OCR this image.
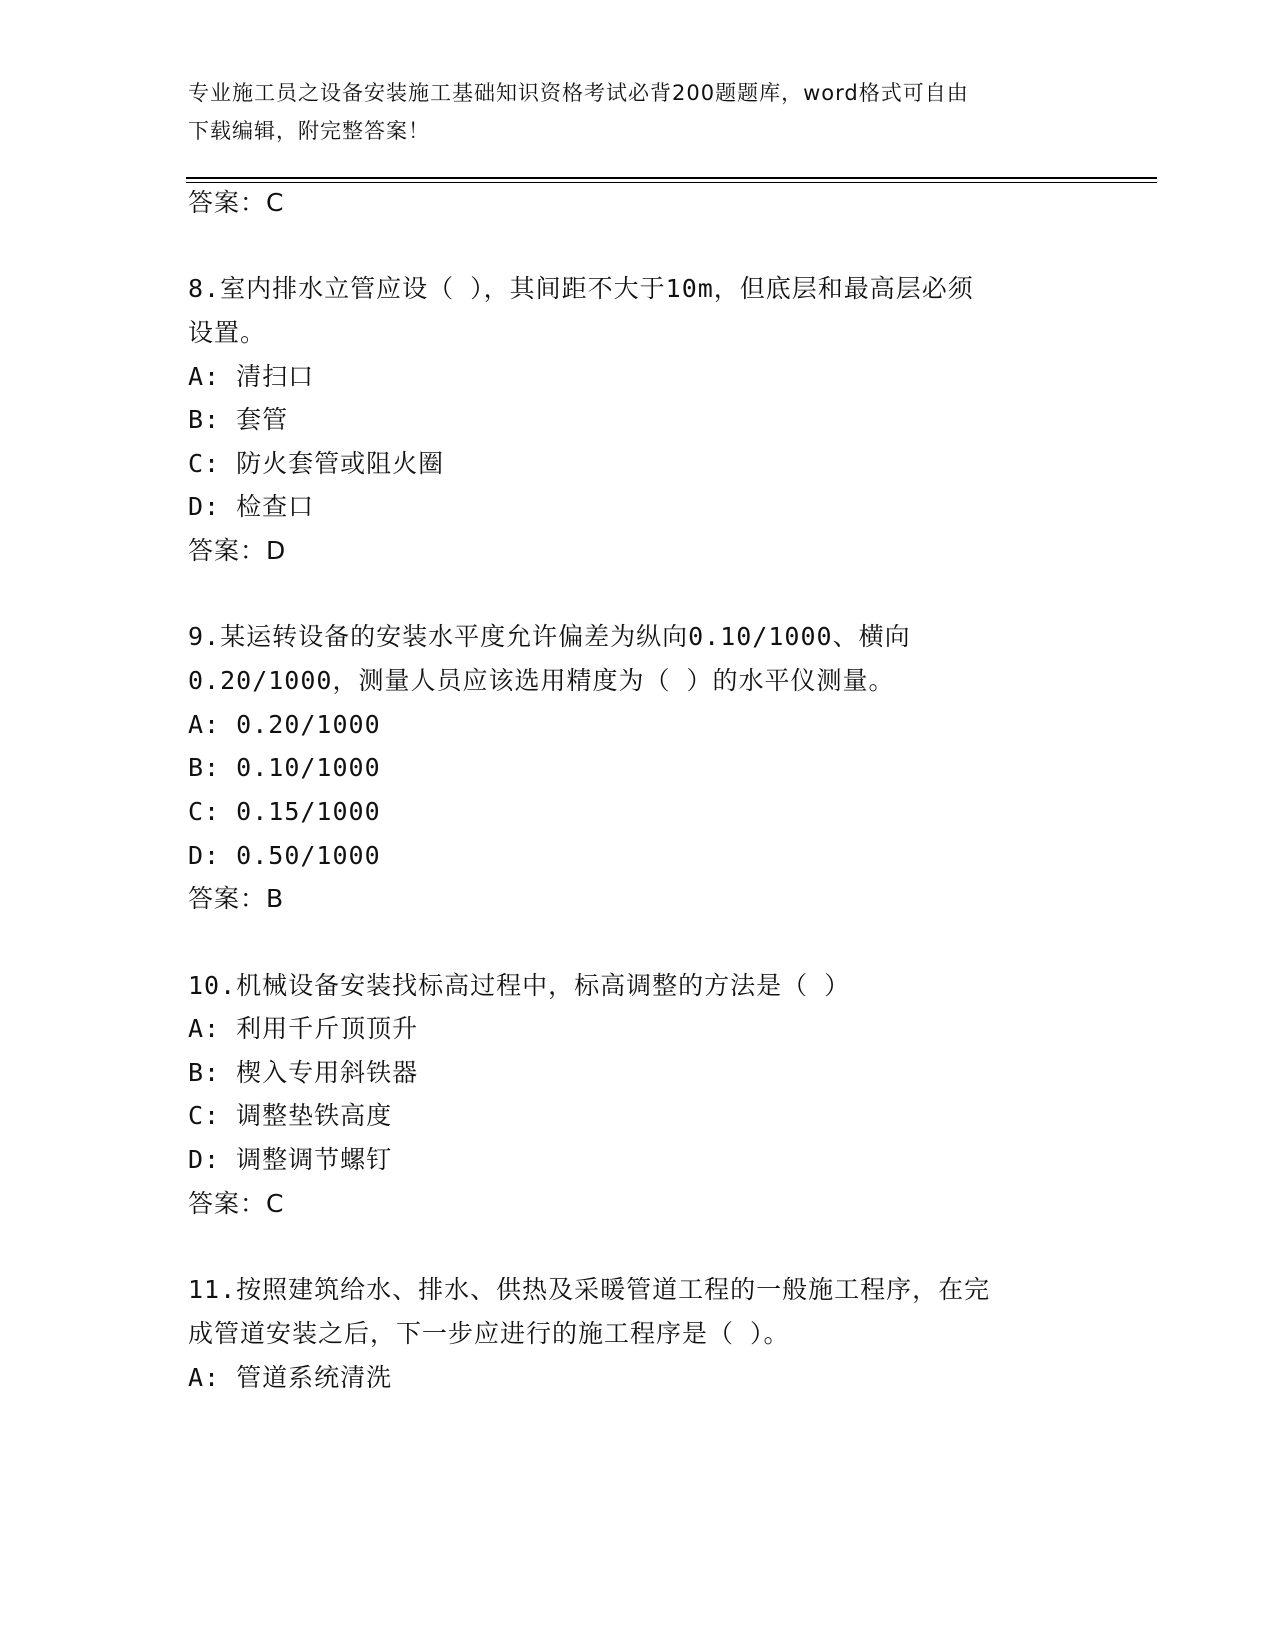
专业施工员之设备安装施工基础知识资格考试必背200题题库，word格式可自由
下载编辑，附完整答案！
答案：C
8.室内排水立管应设（ ），其间距不大于10m，但底层和最高层必须
设置。
A: 清扫口
B: 套管
C: 防火套管或阻火圈
D: 检查口
答案：D
9.某运转设备的安装水平度允许偏差为纵向0.10/1000、横向
0.20/1000，测量人员应该选用精度为（ ）的水平仪测量。
A: 0.20/1000
B: 0.10/1000
C: 0.15/1000
D: 0.50/1000
答案：B
10.机械设备安装找标高过程中，标高调整的方法是（ ）
A: 利用千斤顶顶升
B: 楔入专用斜铁器
C: 调整垫铁高度
D: 调整调节螺钉
答案：C
11.按照建筑给水、排水、供热及采暖管道工程的一般施工程序，在完
成管道安装之后，下一步应进行的施工程序是（ ）。
A: 管道系统清洗
